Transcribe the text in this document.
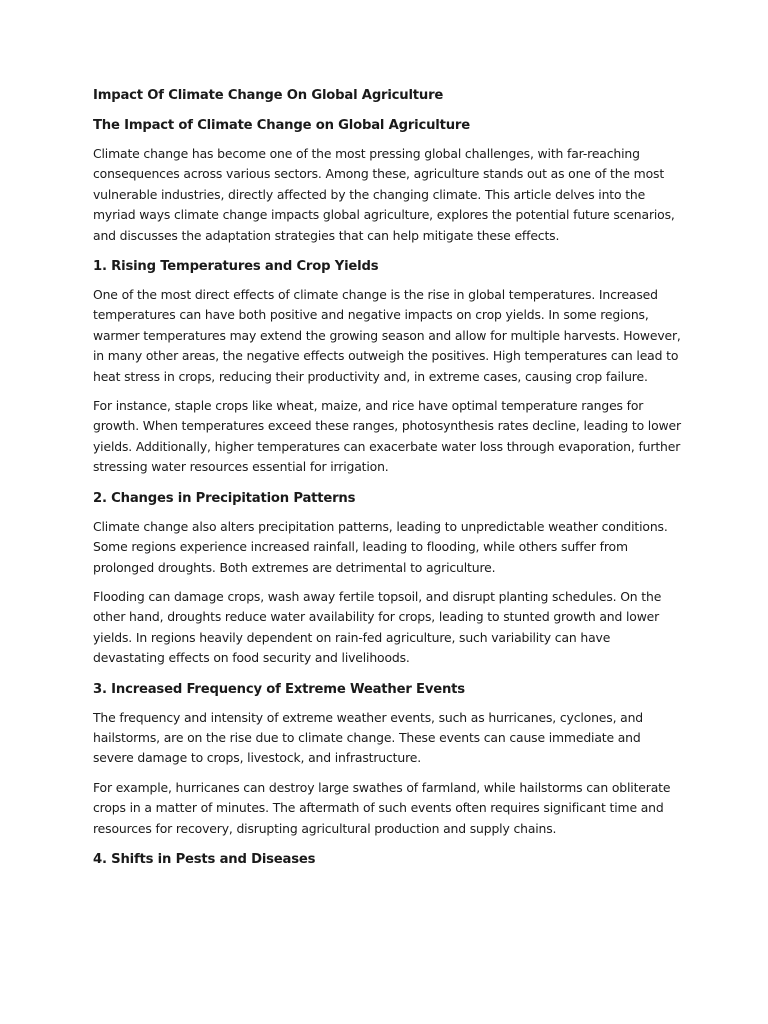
Impact Of Climate Change On Global Agriculture
The Impact of Climate Change on Global Agriculture

Climate change has become one of the most pressing global challenges, with far-reaching consequences across various sectors. Among these, agriculture stands out as one of the most vulnerable industries, directly affected by the changing climate. This article delves into the myriad ways climate change impacts global agriculture, explores the potential future scenarios, and discusses the adaptation strategies that can help mitigate these effects.

1. Rising Temperatures and Crop Yields

One of the most direct effects of climate change is the rise in global temperatures. Increased temperatures can have both positive and negative impacts on crop yields. In some regions, warmer temperatures may extend the growing season and allow for multiple harvests. However, in many other areas, the negative effects outweigh the positives. High temperatures can lead to heat stress in crops, reducing their productivity and, in extreme cases, causing crop failure.

For instance, staple crops like wheat, maize, and rice have optimal temperature ranges for growth. When temperatures exceed these ranges, photosynthesis rates decline, leading to lower yields. Additionally, higher temperatures can exacerbate water loss through evaporation, further stressing water resources essential for irrigation.

2. Changes in Precipitation Patterns

Climate change also alters precipitation patterns, leading to unpredictable weather conditions. Some regions experience increased rainfall, leading to flooding, while others suffer from prolonged droughts. Both extremes are detrimental to agriculture.

Flooding can damage crops, wash away fertile topsoil, and disrupt planting schedules. On the other hand, droughts reduce water availability for crops, leading to stunted growth and lower yields. In regions heavily dependent on rain-fed agriculture, such variability can have devastating effects on food security and livelihoods.

3. Increased Frequency of Extreme Weather Events

The frequency and intensity of extreme weather events, such as hurricanes, cyclones, and hailstorms, are on the rise due to climate change. These events can cause immediate and severe damage to crops, livestock, and infrastructure.

For example, hurricanes can destroy large swathes of farmland, while hailstorms can obliterate crops in a matter of minutes. The aftermath of such events often requires significant time and resources for recovery, disrupting agricultural production and supply chains.

4. Shifts in Pests and Diseases
